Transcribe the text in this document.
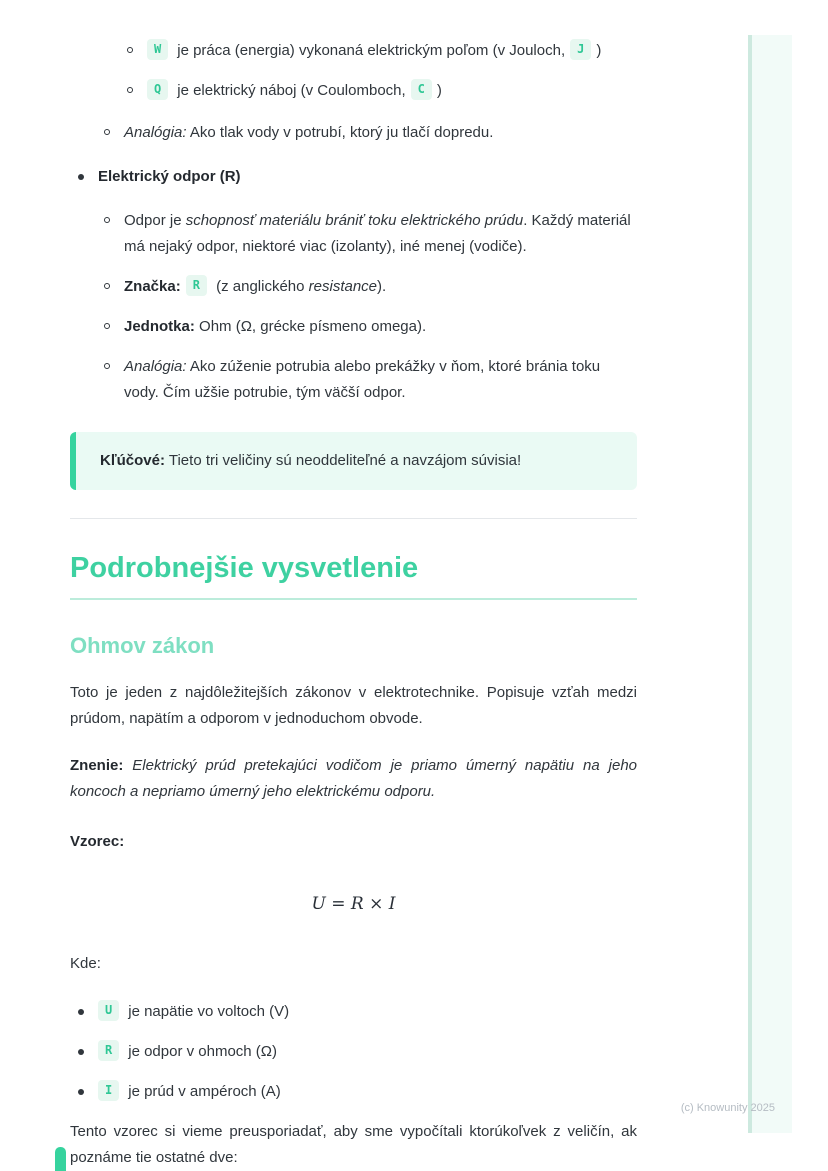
W je práca (energia) vykonaná elektrickým poľom (v Jouloch, J )
Q je elektrický náboj (v Coulomboch, C )
Analógia: Ako tlak vody v potrubí, ktorý ju tlačí dopredu.
Elektrický odpor (R)
Odpor je schopnosť materiálu brániť toku elektrického prúdu. Každý materiál má nejaký odpor, niektoré viac (izolanty), iné menej (vodiče).
Značka: R (z anglického resistance).
Jednotka: Ohm (Ω, grécke písmeno omega).
Analógia: Ako zúženie potrubia alebo prekážky v ňom, ktoré bránia toku vody. Čím užšie potrubie, tým väčší odpor.
Kľúčové: Tieto tri veličiny sú neoddeliteľné a navzájom súvisia!
Podrobnejšie vysvetlenie
Ohmov zákon

Toto je jeden z najdôležitejších zákonov v elektrotechnike. Popisuje vzťah medzi prúdom, napätím a odporom v jednoduchom obvode.

Znenie: Elektrický prúd pretekajúci vodičom je priamo úmerný napätiu na jeho koncoch a nepriamo úmerný jeho elektrickému odporu.

Vzorec:

U = R × I

Kde:

U je napätie vo voltoch (V)
R je odpor v ohmoch (Ω)
I je prúd v ampéroch (A)

Tento vzorec si vieme preusporiadať, aby sme vypočítali ktorúkoľvek z veličín, ak poznáme tie ostatné dve:

(c) Knowunity 2025
